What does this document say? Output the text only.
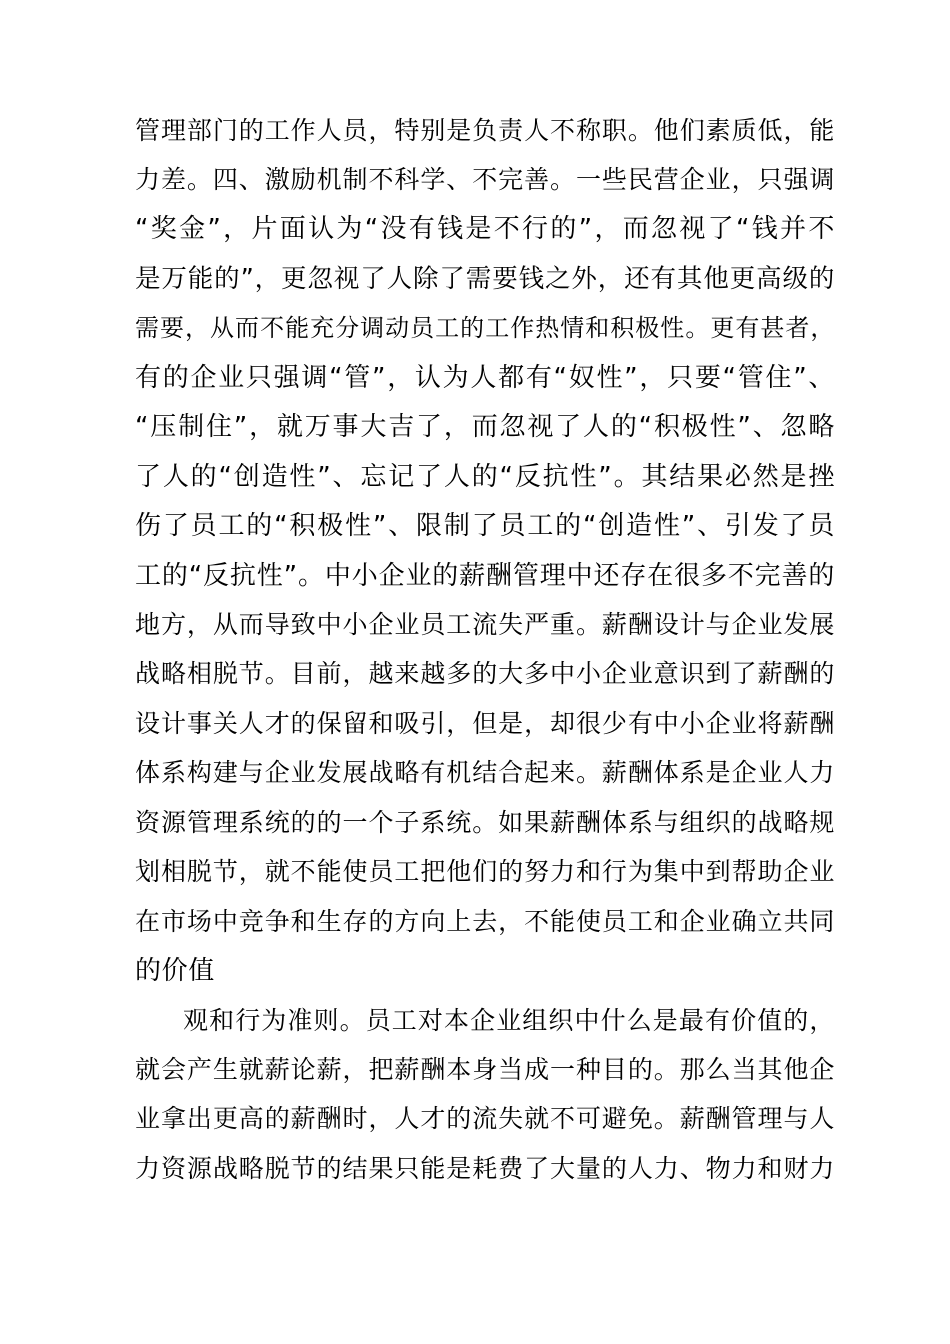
管理部门的工作人员，特别是负责人不称职。他们素质低，能
力差。四、激励机制不科学、不完善。一些民营企业，只强调
“奖金”，片面认为“没有钱是不行的”，而忽视了“钱并不
是万能的”，更忽视了人除了需要钱之外，还有其他更高级的
需要，从而不能充分调动员工的工作热情和积极性。更有甚者，
有的企业只强调“管”，认为人都有“奴性”，只要“管住”、
“压制住”，就万事大吉了，而忽视了人的“积极性”、忽略
了人的“创造性”、忘记了人的“反抗性”。其结果必然是挫
伤了员工的“积极性”、限制了员工的“创造性”、引发了员
工的“反抗性”。中小企业的薪酬管理中还存在很多不完善的
地方，从而导致中小企业员工流失严重。薪酬设计与企业发展
战略相脱节。目前，越来越多的大多中小企业意识到了薪酬的
设计事关人才的保留和吸引，但是，却很少有中小企业将薪酬
体系构建与企业发展战略有机结合起来。薪酬体系是企业人力
资源管理系统的的一个子系统。如果薪酬体系与组织的战略规
划相脱节，就不能使员工把他们的努力和行为集中到帮助企业
在市场中竞争和生存的方向上去，不能使员工和企业确立共同
的价值
观和行为准则。员工对本企业组织中什么是最有价值的，
就会产生就薪论薪，把薪酬本身当成一种目的。那么当其他企
业拿出更高的薪酬时，人才的流失就不可避免。薪酬管理与人
力资源战略脱节的结果只能是耗费了大量的人力、物力和财力
